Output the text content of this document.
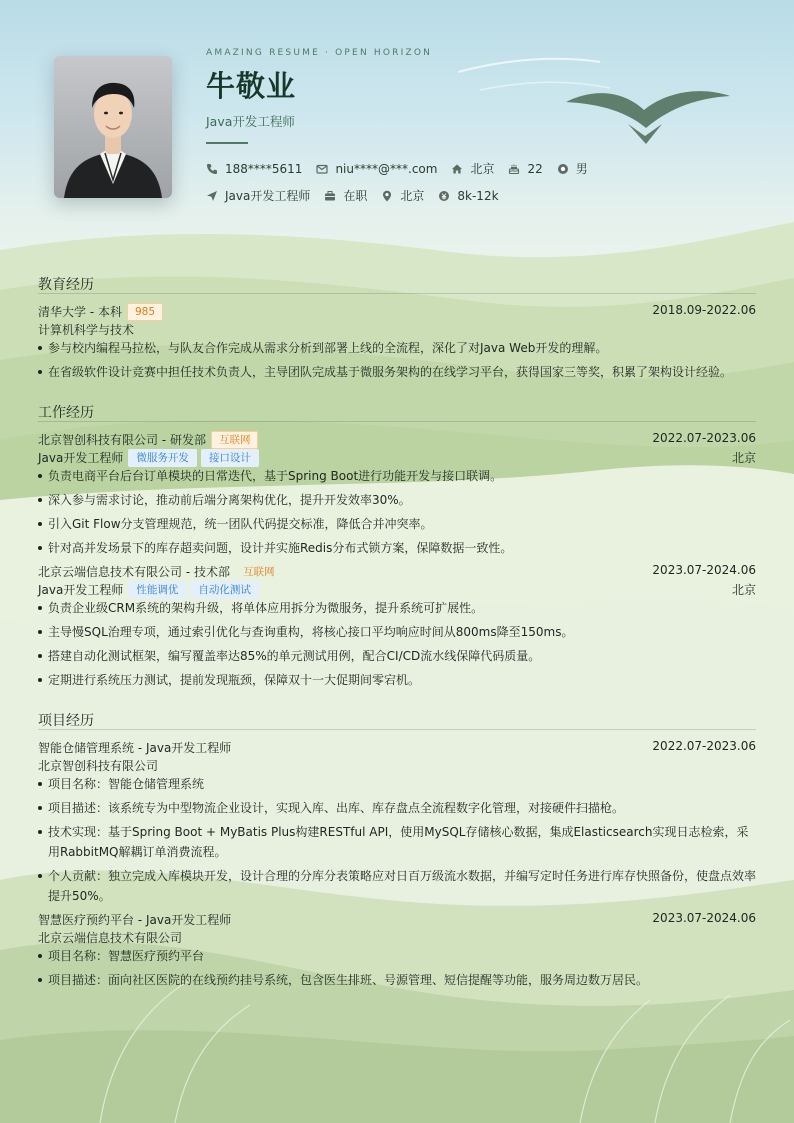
AMAZING RESUME · OPEN HORIZON
牛敬业
Java开发工程师
188****5611	niu****@***.com	北京	22	男
Java开发工程师	在职	北京	8k-12k
教育经历
清华大学 - 本科 985	2018.09-2022.06
计算机科学与技术
参与校内编程马拉松，与队友合作完成从需求分析到部署上线的全流程，深化了对Java Web开发的理解。
在省级软件设计竞赛中担任技术负责人，主导团队完成基于微服务架构的在线学习平台，获得国家三等奖，积累了架构设计经验。
工作经历
北京智创科技有限公司 - 研发部 互联网	2022.07-2023.06
Java开发工程师 微服务开发 接口设计	北京
负责电商平台后台订单模块的日常迭代，基于Spring Boot进行功能开发与接口联调。
深入参与需求讨论，推动前后端分离架构优化，提升开发效率30%。
引入Git Flow分支管理规范，统一团队代码提交标准，降低合并冲突率。
针对高并发场景下的库存超卖问题，设计并实施Redis分布式锁方案，保障数据一致性。
北京云端信息技术有限公司 - 技术部 互联网	2023.07-2024.06
Java开发工程师 性能调优 自动化测试	北京
负责企业级CRM系统的架构升级，将单体应用拆分为微服务，提升系统可扩展性。
主导慢SQL治理专项，通过索引优化与查询重构，将核心接口平均响应时间从800ms降至150ms。
搭建自动化测试框架，编写覆盖率达85%的单元测试用例，配合CI/CD流水线保障代码质量。
定期进行系统压力测试，提前发现瓶颈，保障双十一大促期间零宕机。
项目经历
智能仓储管理系统 - Java开发工程师	2022.07-2023.06
北京智创科技有限公司
项目名称：智能仓储管理系统
项目描述：该系统专为中型物流企业设计，实现入库、出库、库存盘点全流程数字化管理，对接硬件扫描枪。
技术实现：基于Spring Boot + MyBatis Plus构建RESTful API，使用MySQL存储核心数据，集成Elasticsearch实现日志检索，采用RabbitMQ解耦订单消费流程。
个人贡献：独立完成入库模块开发，设计合理的分库分表策略应对日百万级流水数据，并编写定时任务进行库存快照备份，使盘点效率提升50%。
智慧医疗预约平台 - Java开发工程师	2023.07-2024.06
北京云端信息技术有限公司
项目名称：智慧医疗预约平台
项目描述：面向社区医院的在线预约挂号系统，包含医生排班、号源管理、短信提醒等功能，服务周边数万居民。
